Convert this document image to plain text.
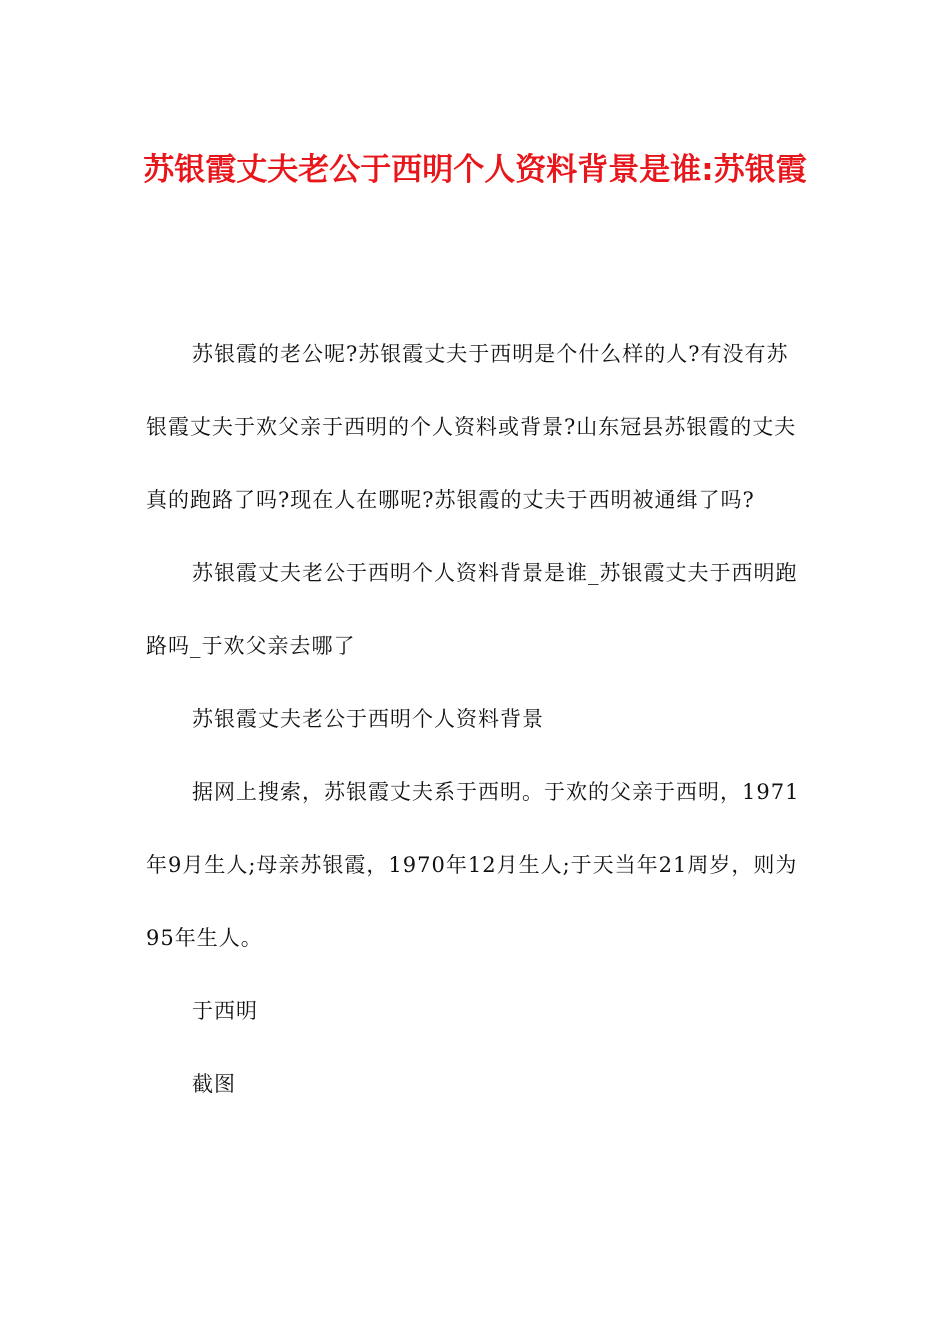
苏银霞丈夫老公于西明个人资料背景是谁:苏银霞

苏银霞的老公呢?苏银霞丈夫于西明是个什么样的人?有没有苏银霞丈夫于欢父亲于西明的个人资料或背景?山东冠县苏银霞的丈夫真的跑路了吗?现在人在哪呢?苏银霞的丈夫于西明被通缉了吗?

苏银霞丈夫老公于西明个人资料背景是谁_苏银霞丈夫于西明跑路吗_于欢父亲去哪了

苏银霞丈夫老公于西明个人资料背景

据网上搜索，苏银霞丈夫系于西明。于欢的父亲于西明，1971年9月生人;母亲苏银霞，1970年12月生人;于天当年21周岁，则为95年生人。

于西明

截图
